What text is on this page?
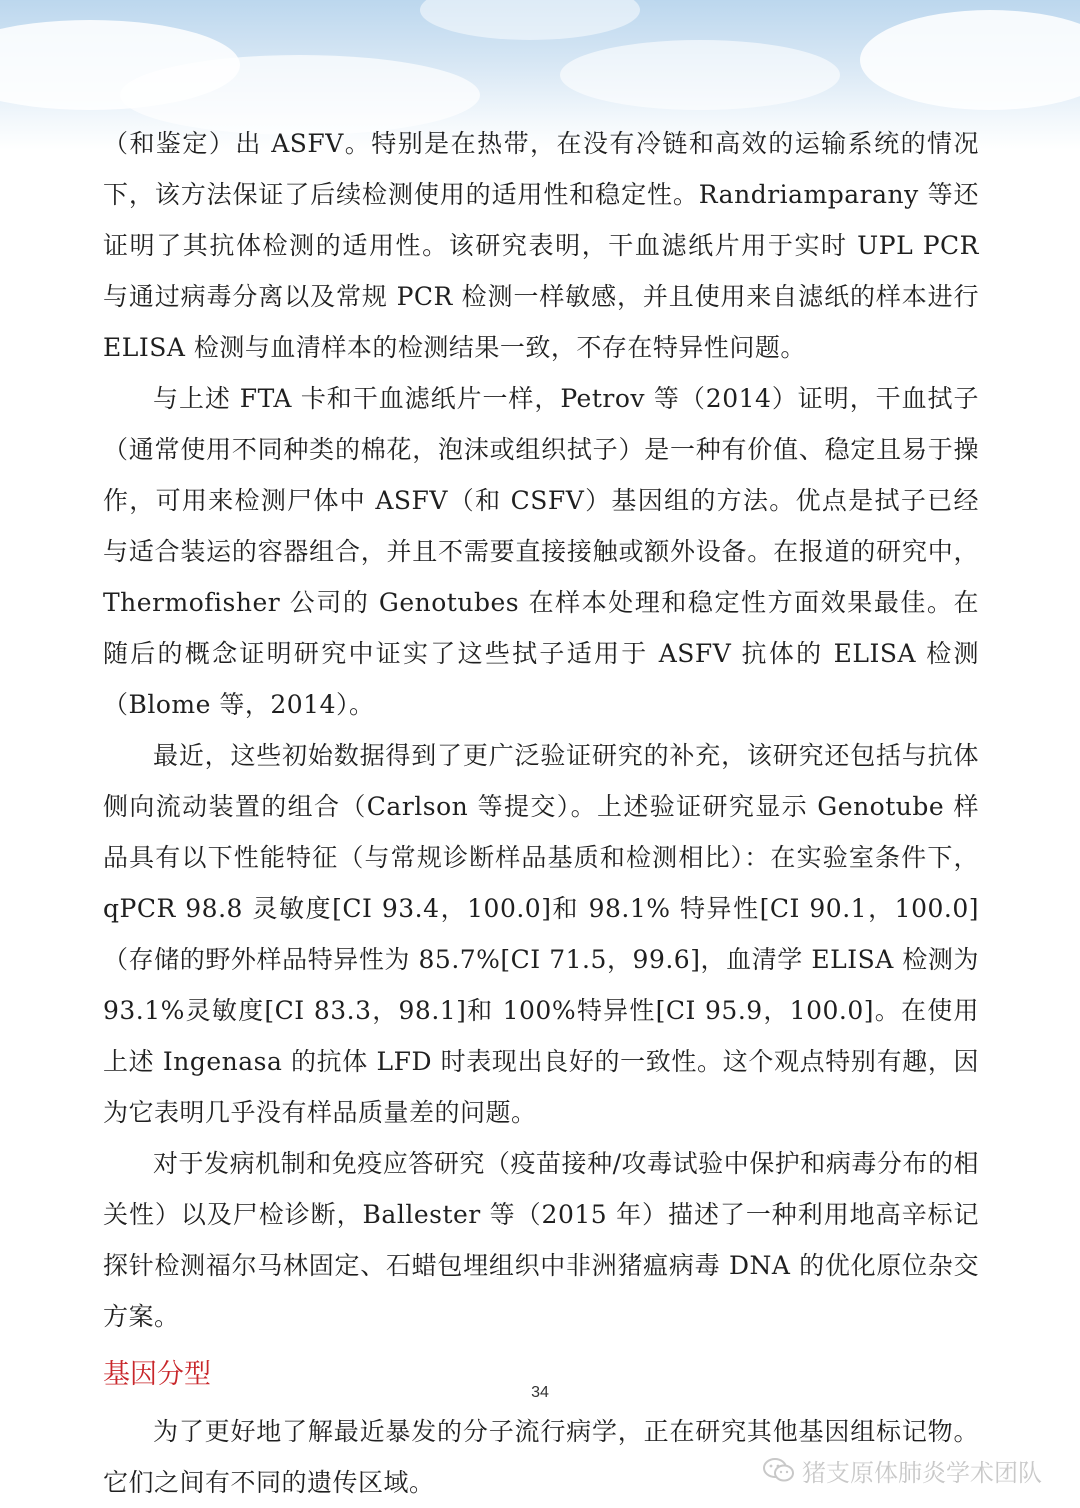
（和鉴定）出 ASFV。特别是在热带，在没有冷链和高效的运输系统的情况下，该方法保证了后续检测使用的适用性和稳定性。Randriamparany 等还证明了其抗体检测的适用性。该研究表明，干血滤纸片用于实时 UPL PCR 与通过病毒分离以及常规 PCR 检测一样敏感，并且使用来自滤纸的样本进行 ELISA 检测与血清样本的检测结果一致，不存在特异性问题。

与上述 FTA 卡和干血滤纸片一样，Petrov 等（2014）证明，干血拭子（通常使用不同种类的棉花，泡沫或组织拭子）是一种有价值、稳定且易于操作，可用来检测尸体中 ASFV（和 CSFV）基因组的方法。优点是拭子已经与适合装运的容器组合，并且不需要直接接触或额外设备。在报道的研究中，Thermofisher 公司的 Genotubes 在样本处理和稳定性方面效果最佳。在随后的概念证明研究中证实了这些拭子适用于 ASFV 抗体的 ELISA 检测（Blome 等，2014）。

最近，这些初始数据得到了更广泛验证研究的补充，该研究还包括与抗体侧向流动装置的组合（Carlson 等提交）。上述验证研究显示 Genotube 样品具有以下性能特征（与常规诊断样品基质和检测相比）：在实验室条件下，qPCR 98.8 灵敏度[CI 93.4，100.0]和 98.1% 特异性[CI 90.1，100.0]（存储的野外样品特异性为 85.7%[CI 71.5，99.6]，血清学 ELISA 检测为 93.1%灵敏度[CI 83.3，98.1]和 100%特异性[CI 95.9，100.0]。在使用上述 Ingenasa 的抗体 LFD 时表现出良好的一致性。这个观点特别有趣，因为它表明几乎没有样品质量差的问题。

对于发病机制和免疫应答研究（疫苗接种/攻毒试验中保护和病毒分布的相关性）以及尸检诊断，Ballester 等（2015 年）描述了一种利用地高辛标记探针检测福尔马林固定、石蜡包埋组织中非洲猪瘟病毒 DNA 的优化原位杂交方案。

基因分型

为了更好地了解最近暴发的分子流行病学，正在研究其他基因组标记物。它们之间有不同的遗传区域。

34
猪支原体肺炎学术团队
